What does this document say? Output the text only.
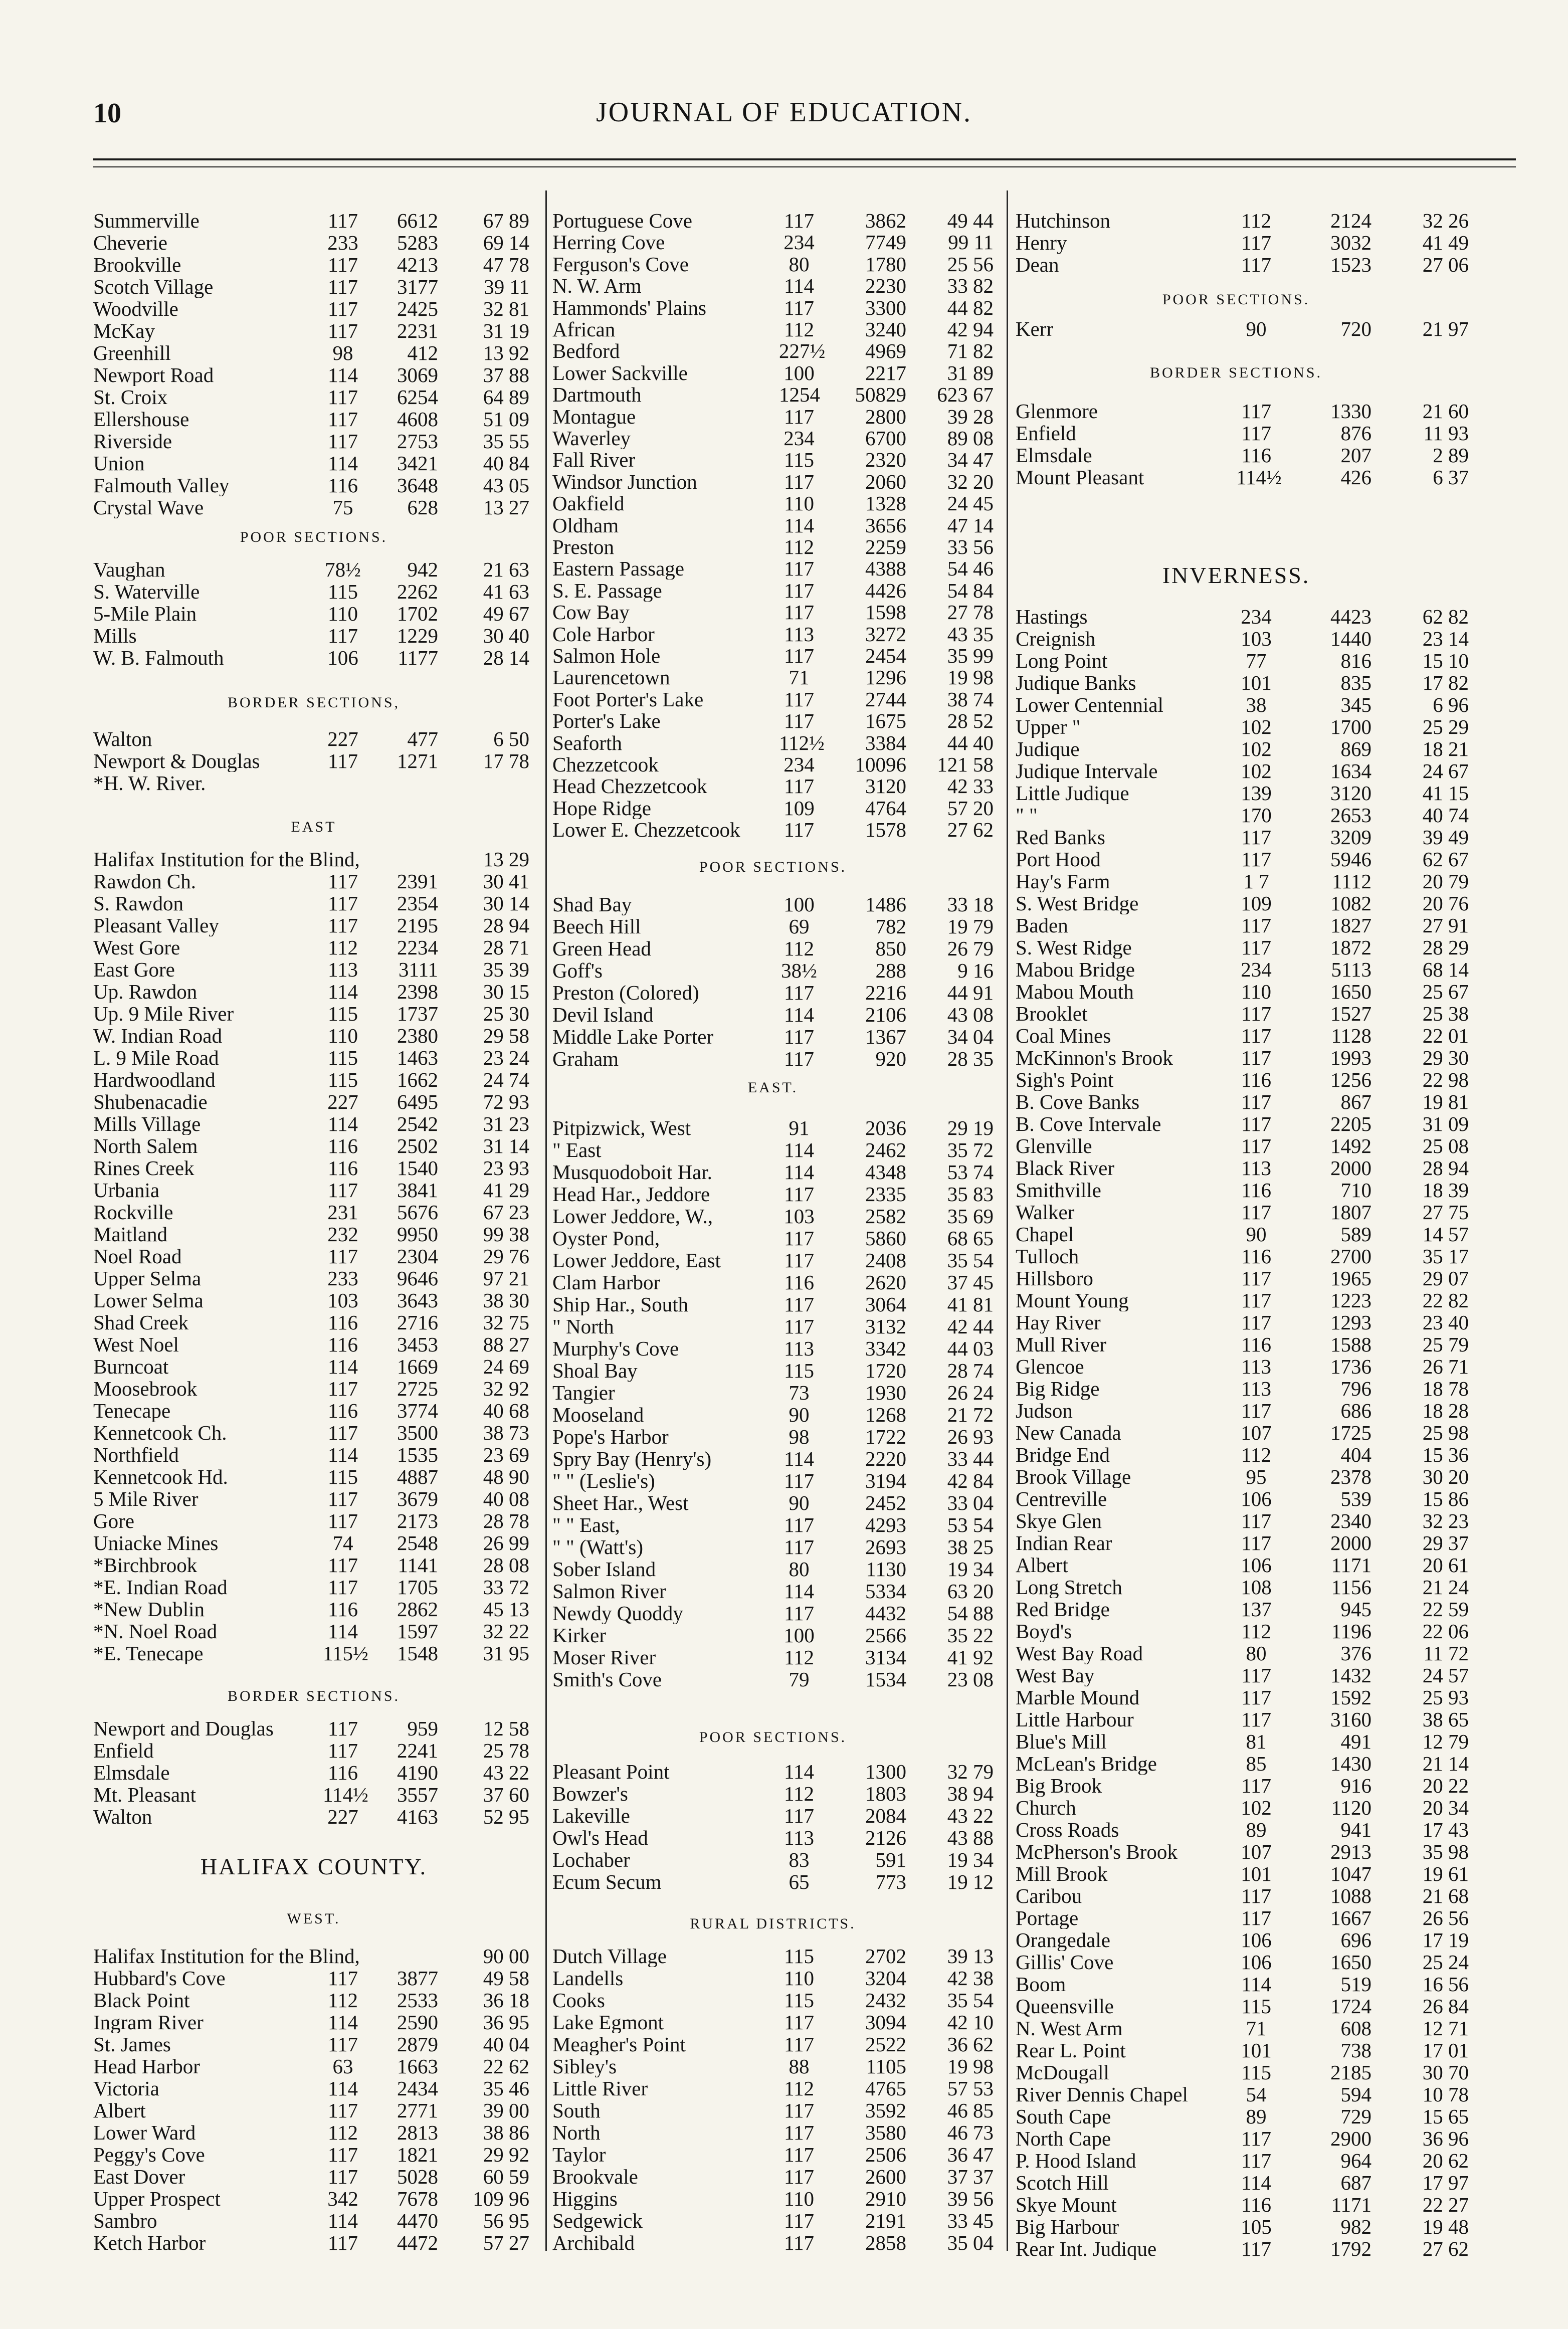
10	JOURNAL OF EDUCATION.
Summerville	117	6612	67 89
Cheverie	233	5283	69 14
Brookville	117	4213	47 78
Scotch Village	117	3177	39 11
Woodville	117	2425	32 81
McKay	117	2231	31 19
Greenhill	98	412	13 92
Newport Road	114	3069	37 88
St. Croix	117	6254	64 89
Ellershouse	117	4608	51 09
Riverside	117	2753	35 55
Union	114	3421	40 84
Falmouth Valley	116	3648	43 05
Crystal Wave	75	628	13 27
POOR SECTIONS.
Vaughan	78½	942	21 63
S. Waterville	115	2262	41 63
5-Mile Plain	110	1702	49 67
Mills	117	1229	30 40
W. B. Falmouth	106	1177	28 14
BORDER SECTIONS,
Walton	227	477	6 50
Newport & Douglas	117	1271	17 78
*H. W. River.
EAST
Halifax Institution for the Blind,	13 29
Rawdon Ch.	117	2391	30 41
S. Rawdon	117	2354	30 14
Pleasant Valley	117	2195	28 94
West Gore	112	2234	28 71
East Gore	113	3111	35 39
Up. Rawdon	114	2398	30 15
Up. 9 Mile River	115	1737	25 30
W. Indian Road	110	2380	29 58
L. 9 Mile Road	115	1463	23 24
Hardwoodland	115	1662	24 74
Shubenacadie	227	6495	72 93
Mills Village	114	2542	31 23
North Salem	116	2502	31 14
Rines Creek	116	1540	23 93
Urbania	117	3841	41 29
Rockville	231	5676	67 23
Maitland	232	9950	99 38
Noel Road	117	2304	29 76
Upper Selma	233	9646	97 21
Lower Selma	103	3643	38 30
Shad Creek	116	2716	32 75
West Noel	116	3453	88 27
Burncoat	114	1669	24 69
Moosebrook	117	2725	32 92
Tenecape	116	3774	40 68
Kennetcook Ch.	117	3500	38 73
Northfield	114	1535	23 69
Kennetcook Hd.	115	4887	48 90
5 Mile River	117	3679	40 08
Gore	117	2173	28 78
Uniacke Mines	74	2548	26 99
*Birchbrook	117	1141	28 08
*E. Indian Road	117	1705	33 72
*New Dublin	116	2862	45 13
*N. Noel Road	114	1597	32 22
*E. Tenecape	115½	1548	31 95
BORDER SECTIONS.
Newport and Douglas	117	959	12 58
Enfield	117	2241	25 78
Elmsdale	116	4190	43 22
Mt. Pleasant	114½	3557	37 60
Walton	227	4163	52 95
HALIFAX COUNTY.
WEST.
Halifax Institution for the Blind,	90 00
Hubbard's Cove	117	3877	49 58
Black Point	112	2533	36 18
Ingram River	114	2590	36 95
St. James	117	2879	40 04
Head Harbor	63	1663	22 62
Victoria	114	2434	35 46
Albert	117	2771	39 00
Lower Ward	112	2813	38 86
Peggy's Cove	117	1821	29 92
East Dover	117	5028	60 59
Upper Prospect	342	7678	109 96
Sambro	114	4470	56 95
Ketch Harbor	117	4472	57 27
Portuguese Cove	117	3862	49 44
Herring Cove	234	7749	99 11
Ferguson's Cove	80	1780	25 56
N. W. Arm	114	2230	33 82
Hammonds' Plains	117	3300	44 82
African	112	3240	42 94
Bedford	227½	4969	71 82
Lower Sackville	100	2217	31 89
Dartmouth	1254	50829	623 67
Montague	117	2800	39 28
Waverley	234	6700	89 08
Fall River	115	2320	34 47
Windsor Junction	117	2060	32 20
Oakfield	110	1328	24 45
Oldham	114	3656	47 14
Preston	112	2259	33 56
Eastern Passage	117	4388	54 46
S. E. Passage	117	4426	54 84
Cow Bay	117	1598	27 78
Cole Harbor	113	3272	43 35
Salmon Hole	117	2454	35 99
Laurencetown	71	1296	19 98
Foot Porter's Lake	117	2744	38 74
Porter's Lake	117	1675	28 52
Seaforth	112½	3384	44 40
Chezzetcook	234	10096	121 58
Head Chezzetcook	117	3120	42 33
Hope Ridge	109	4764	57 20
Lower E. Chezzetcook	117	1578	27 62
POOR SECTIONS.
Shad Bay	100	1486	33 18
Beech Hill	69	782	19 79
Green Head	112	850	26 79
Goff's	38½	288	9 16
Preston (Colored)	117	2216	44 91
Devil Island	114	2106	43 08
Middle Lake Porter	117	1367	34 04
Graham	117	920	28 35
EAST.
Pitpizwick, West	91	2036	29 19
" East	114	2462	35 72
Musquodoboit Har.	114	4348	53 74
Head Har., Jeddore	117	2335	35 83
Lower Jeddore, W.,	103	2582	35 69
Oyster Pond,	117	5860	68 65
Lower Jeddore, East	117	2408	35 54
Clam Harbor	116	2620	37 45
Ship Har., South	117	3064	41 81
" North	117	3132	42 44
Murphy's Cove	113	3342	44 03
Shoal Bay	115	1720	28 74
Tangier	73	1930	26 24
Mooseland	90	1268	21 72
Pope's Harbor	98	1722	26 93
Spry Bay (Henry's)	114	2220	33 44
" " (Leslie's)	117	3194	42 84
Sheet Har., West	90	2452	33 04
" " East,	117	4293	53 54
" " (Watt's)	117	2693	38 25
Sober Island	80	1130	19 34
Salmon River	114	5334	63 20
Newdy Quoddy	117	4432	54 88
Kirker	100	2566	35 22
Moser River	112	3134	41 92
Smith's Cove	79	1534	23 08
POOR SECTIONS.
Pleasant Point	114	1300	32 79
Bowzer's	112	1803	38 94
Lakeville	117	2084	43 22
Owl's Head	113	2126	43 88
Lochaber	83	591	19 34
Ecum Secum	65	773	19 12
RURAL DISTRICTS.
Dutch Village	115	2702	39 13
Landells	110	3204	42 38
Cooks	115	2432	35 54
Lake Egmont	117	3094	42 10
Meagher's Point	117	2522	36 62
Sibley's	88	1105	19 98
Little River	112	4765	57 53
South	117	3592	46 85
North	117	3580	46 73
Taylor	117	2506	36 47
Brookvale	117	2600	37 37
Higgins	110	2910	39 56
Sedgewick	117	2191	33 45
Archibald	117	2858	35 04
Hutchinson	112	2124	32 26
Henry	117	3032	41 49
Dean	117	1523	27 06
POOR SECTIONS.
Kerr	90	720	21 97
BORDER SECTIONS.
Glenmore	117	1330	21 60
Enfield	117	876	11 93
Elmsdale	116	207	2 89
Mount Pleasant	114½	426	6 37
INVERNESS.
Hastings	234	4423	62 82
Creignish	103	1440	23 14
Long Point	77	816	15 10
Judique Banks	101	835	17 82
Lower Centennial	38	345	6 96
Upper "	102	1700	25 29
Judique	102	869	18 21
Judique Intervale	102	1634	24 67
Little Judique	139	3120	41 15
" "	170	2653	40 74
Red Banks	117	3209	39 49
Port Hood	117	5946	62 67
Hay's Farm	1 7	1112	20 79
S. West Bridge	109	1082	20 76
Baden	117	1827	27 91
S. West Ridge	117	1872	28 29
Mabou Bridge	234	5113	68 14
Mabou Mouth	110	1650	25 67
Brooklet	117	1527	25 38
Coal Mines	117	1128	22 01
McKinnon's Brook	117	1993	29 30
Sigh's Point	116	1256	22 98
B. Cove Banks	117	867	19 81
B. Cove Intervale	117	2205	31 09
Glenville	117	1492	25 08
Black River	113	2000	28 94
Smithville	116	710	18 39
Walker	117	1807	27 75
Chapel	90	589	14 57
Tulloch	116	2700	35 17
Hillsboro	117	1965	29 07
Mount Young	117	1223	22 82
Hay River	117	1293	23 40
Mull River	116	1588	25 79
Glencoe	113	1736	26 71
Big Ridge	113	796	18 78
Judson	117	686	18 28
New Canada	107	1725	25 98
Bridge End	112	404	15 36
Brook Village	95	2378	30 20
Centreville	106	539	15 86
Skye Glen	117	2340	32 23
Indian Rear	117	2000	29 37
Albert	106	1171	20 61
Long Stretch	108	1156	21 24
Red Bridge	137	945	22 59
Boyd's	112	1196	22 06
West Bay Road	80	376	11 72
West Bay	117	1432	24 57
Marble Mound	117	1592	25 93
Little Harbour	117	3160	38 65
Blue's Mill	81	491	12 79
McLean's Bridge	85	1430	21 14
Big Brook	117	916	20 22
Church	102	1120	20 34
Cross Roads	89	941	17 43
McPherson's Brook	107	2913	35 98
Mill Brook	101	1047	19 61
Caribou	117	1088	21 68
Portage	117	1667	26 56
Orangedale	106	696	17 19
Gillis' Cove	106	1650	25 24
Boom	114	519	16 56
Queensville	115	1724	26 84
N. West Arm	71	608	12 71
Rear L. Point	101	738	17 01
McDougall	115	2185	30 70
River Dennis Chapel	54	594	10 78
South Cape	89	729	15 65
North Cape	117	2900	36 96
P. Hood Island	117	964	20 62
Scotch Hill	114	687	17 97
Skye Mount	116	1171	22 27
Big Harbour	105	982	19 48
Rear Int. Judique	117	1792	27 62
